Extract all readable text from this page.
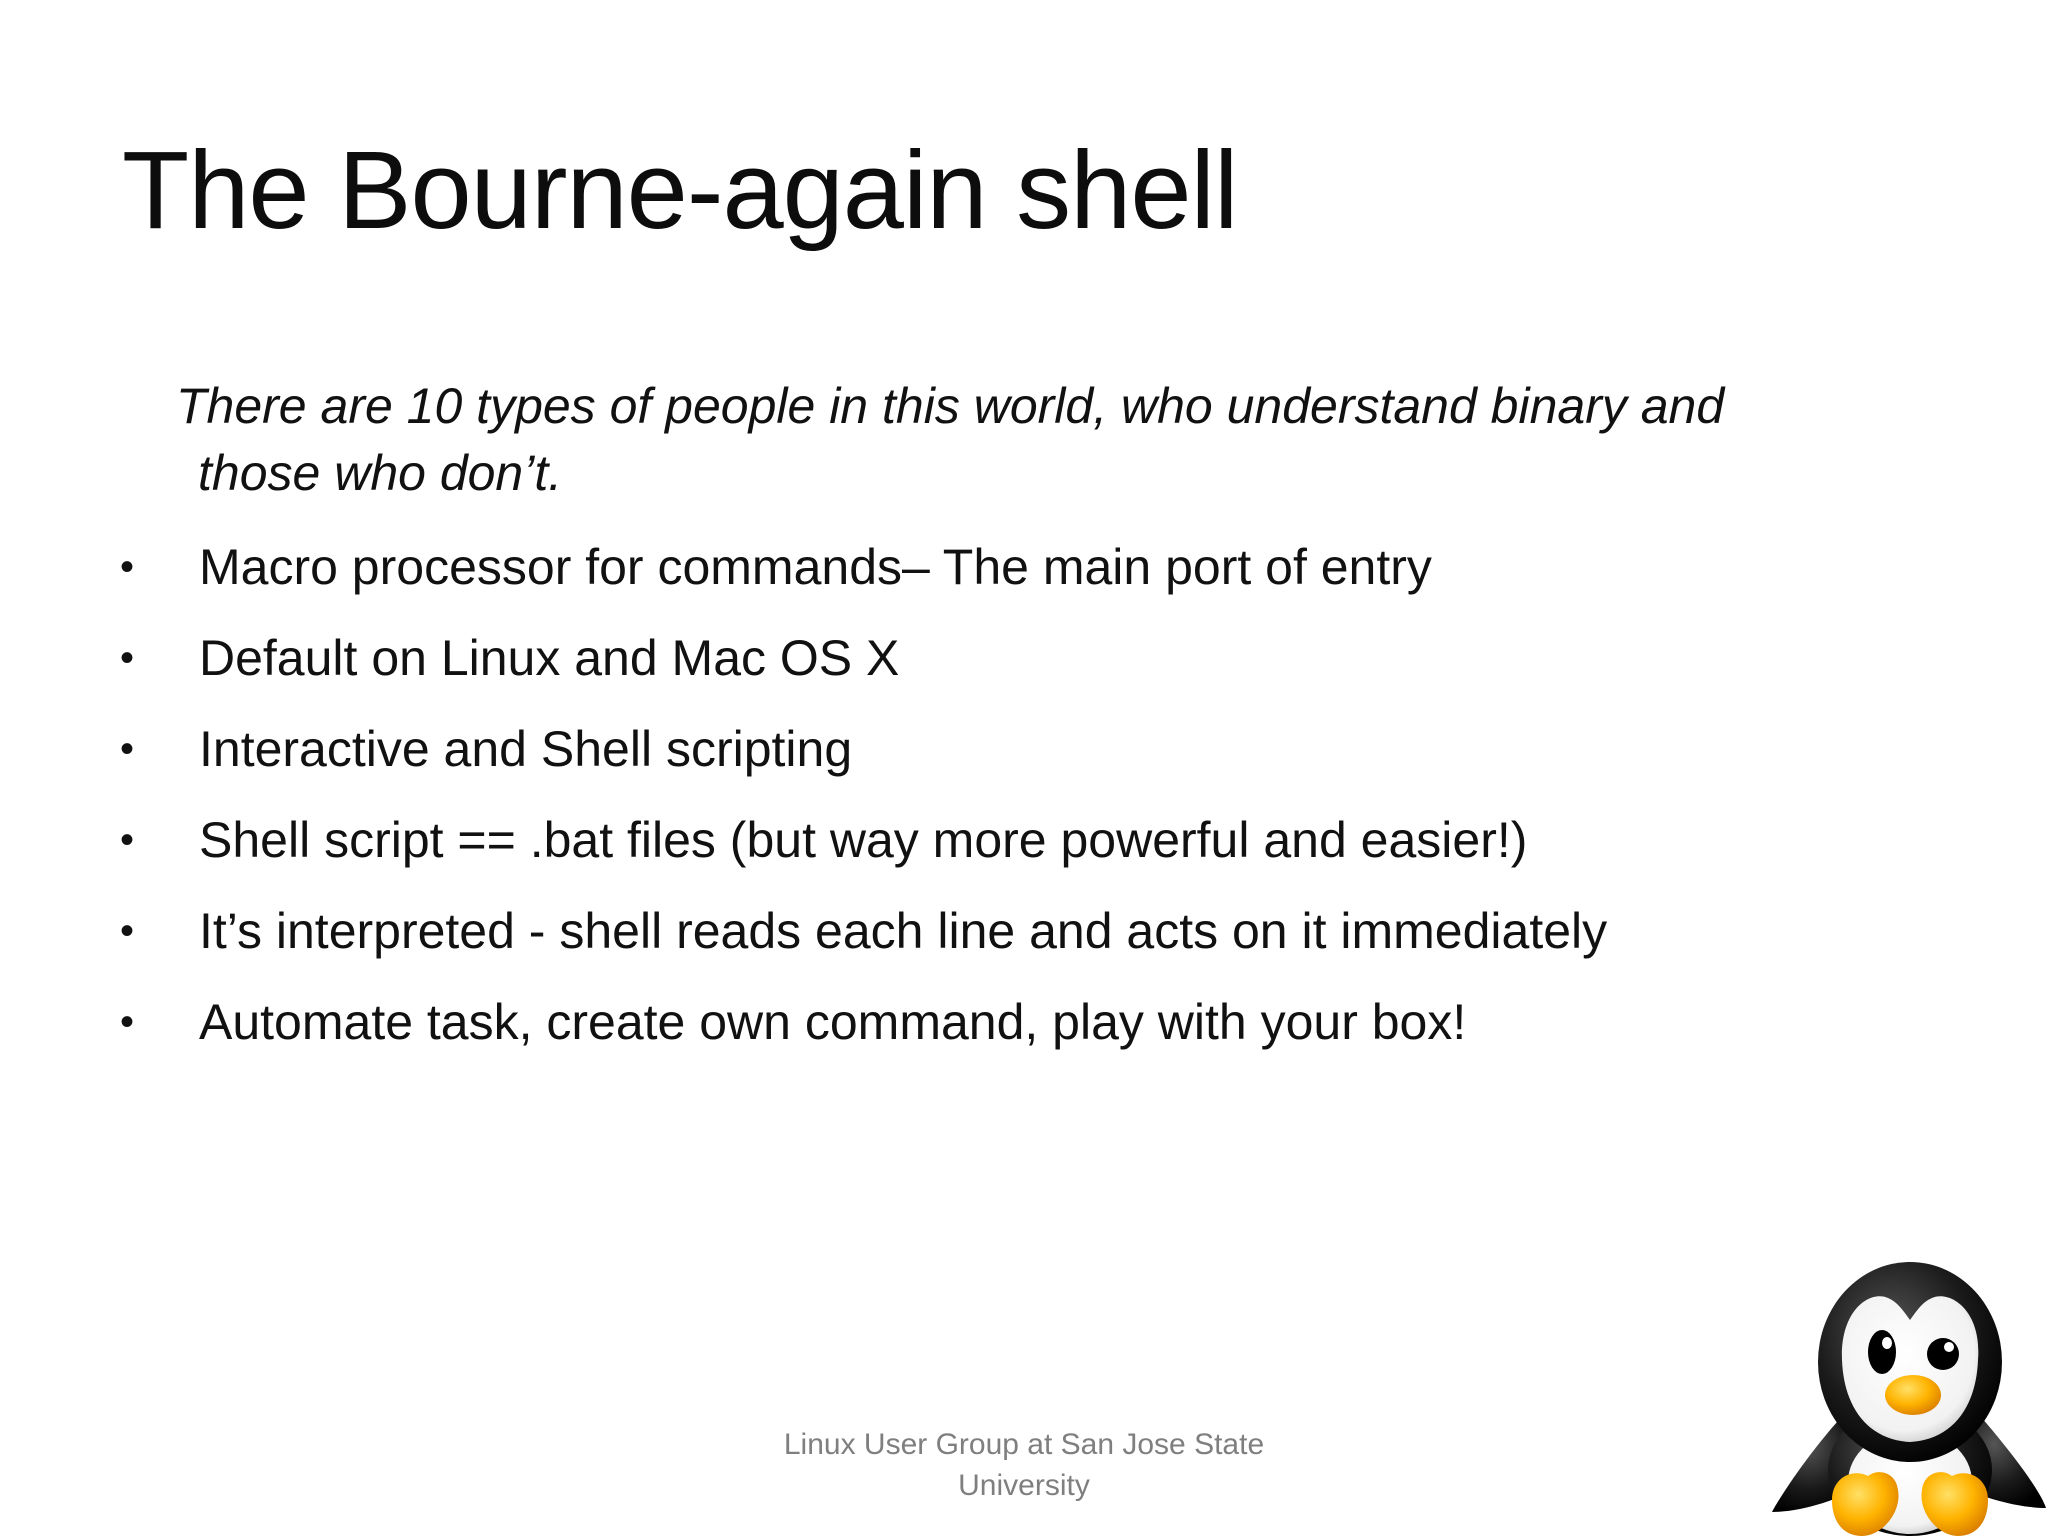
The Bourne-again shell
There are 10 types of people in this world, who understand binary and
those who don’t.
•	Macro processor for commands– The main port of entry
•	Default on Linux and Mac OS X
•	Interactive and Shell scripting
•	Shell script == .bat files (but way more powerful and easier!)
•	It’s interpreted - shell reads each line and acts on it immediately
•	Automate task, create own command, play with your box!
Linux User Group at San Jose State
University
